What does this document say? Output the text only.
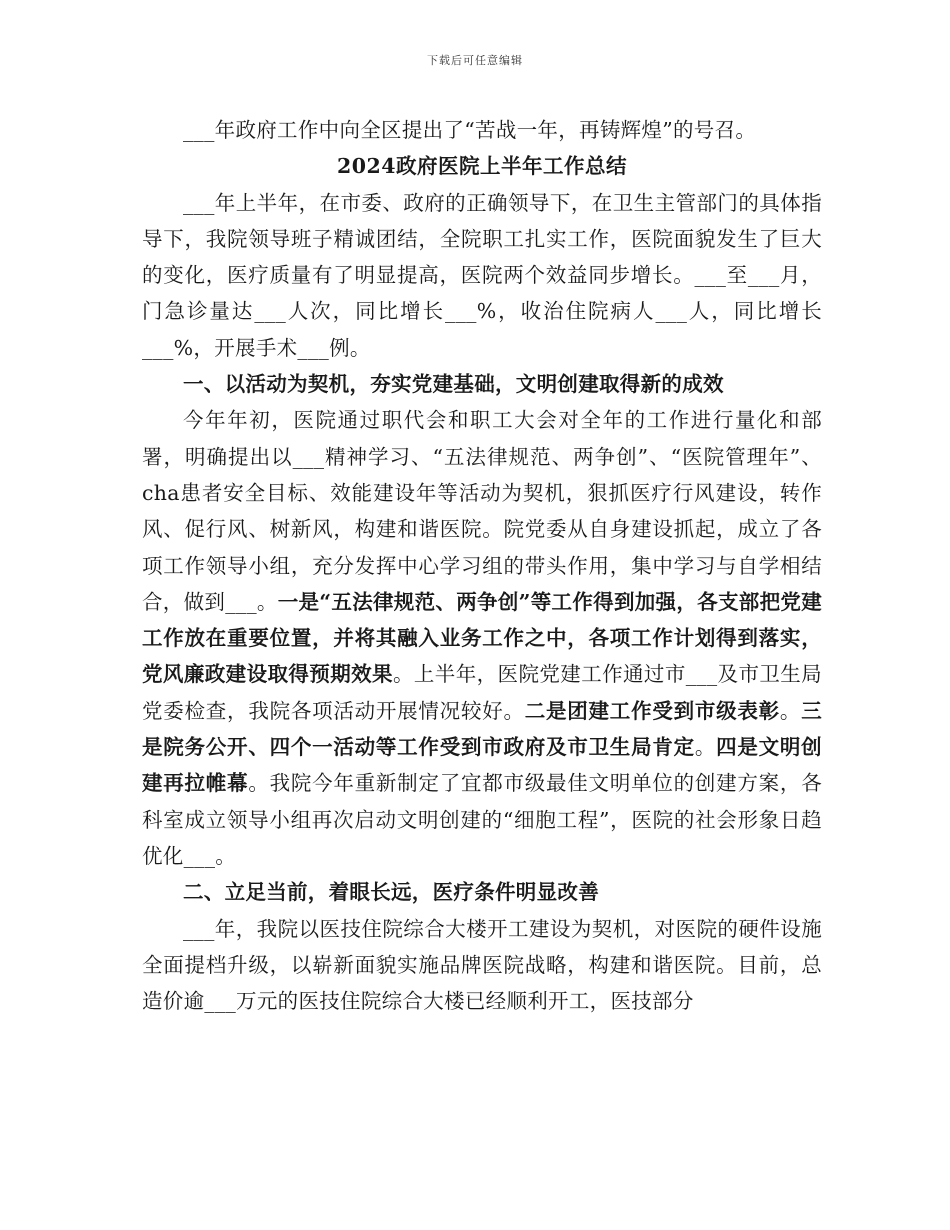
下载后可任意编辑

___年政府工作中向全区提出了“苦战一年，再铸辉煌”的号召。

2024政府医院上半年工作总结

___年上半年，在市委、政府的正确领导下，在卫生主管部门的具体指导下，我院领导班子精诚团结，全院职工扎实工作，医院面貌发生了巨大的变化，医疗质量有了明显提高，医院两个效益同步增长。___至___月，门急诊量达___人次，同比增长___%，收治住院病人___人，同比增长___%，开展手术___例。

一、以活动为契机，夯实党建基础，文明创建取得新的成效

今年年初，医院通过职代会和职工大会对全年的工作进行量化和部署，明确提出以___精神学习、“五法律规范、两争创”、“医院管理年”、cha患者安全目标、效能建设年等活动为契机，狠抓医疗行风建设，转作风、促行风、树新风，构建和谐医院。院党委从自身建设抓起，成立了各项工作领导小组，充分发挥中心学习组的带头作用，集中学习与自学相结合，做到___。一是“五法律规范、两争创”等工作得到加强，各支部把党建工作放在重要位置，并将其融入业务工作之中，各项工作计划得到落实，党风廉政建设取得预期效果。上半年，医院党建工作通过市___及市卫生局党委检查，我院各项活动开展情况较好。二是团建工作受到市级表彰。三是院务公开、四个一活动等工作受到市政府及市卫生局肯定。四是文明创建再拉帷幕。我院今年重新制定了宜都市级最佳文明单位的创建方案，各科室成立领导小组再次启动文明创建的“细胞工程”，医院的社会形象日趋优化___。

二、立足当前，着眼长远，医疗条件明显改善

___年，我院以医技住院综合大楼开工建设为契机，对医院的硬件设施全面提档升级，以崭新面貌实施品牌医院战略，构建和谐医院。目前，总造价逾___万元的医技住院综合大楼已经顺利开工，医技部分
